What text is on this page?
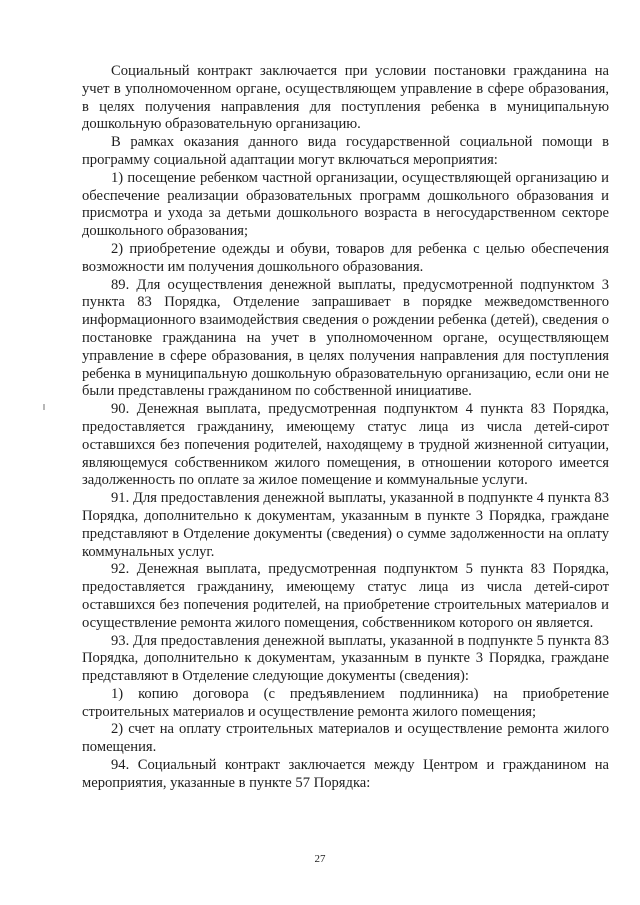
Социальный контракт заключается при условии постановки гражданина на учет в уполномоченном органе, осуществляющем управление в сфере образования, в целях получения направления для поступления ребенка в муниципальную дошкольную образовательную организацию.

В рамках оказания данного вида государственной социальной помощи в программу социальной адаптации могут включаться мероприятия:

1) посещение ребенком частной организации, осуществляющей организацию и обеспечение реализации образовательных программ дошкольного образования и присмотра и ухода за детьми дошкольного возраста в негосударственном секторе дошкольного образования;

2) приобретение одежды и обуви, товаров для ребенка с целью обеспечения возможности им получения дошкольного образования.

89. Для осуществления денежной выплаты, предусмотренной подпунктом 3 пункта 83 Порядка, Отделение запрашивает в порядке межведомственного информационного взаимодействия сведения о рождении ребенка (детей), сведения о постановке гражданина на учет в уполномоченном органе, осуществляющем управление в сфере образования, в целях получения направления для поступления ребенка в муниципальную дошкольную образовательную организацию, если они не были представлены гражданином по собственной инициативе.

90. Денежная выплата, предусмотренная подпунктом 4 пункта 83 Порядка, предоставляется гражданину, имеющему статус лица из числа детей-сирот оставшихся без попечения родителей, находящему в трудной жизненной ситуации, являющемуся собственником жилого помещения, в отношении которого имеется задолженность по оплате за жилое помещение и коммунальные услуги.

91. Для предоставления денежной выплаты, указанной в подпункте 4 пункта 83 Порядка, дополнительно к документам, указанным в пункте 3 Порядка, граждане представляют в Отделение документы (сведения) о сумме задолженности на оплату коммунальных услуг.

92. Денежная выплата, предусмотренная подпунктом 5 пункта 83 Порядка, предоставляется гражданину, имеющему статус лица из числа детей-сирот оставшихся без попечения родителей, на приобретение строительных материалов и осуществление ремонта жилого помещения, собственником которого он является.

93. Для предоставления денежной выплаты, указанной в подпункте 5 пункта 83 Порядка, дополнительно к документам, указанным в пункте 3 Порядка, граждане представляют в Отделение следующие документы (сведения):

1) копию договора (с предъявлением подлинника) на приобретение строительных материалов и осуществление ремонта жилого помещения;

2) счет на оплату строительных материалов и осуществление ремонта жилого помещения.

94. Социальный контракт заключается между Центром и гражданином на мероприятия, указанные в пункте 57 Порядка:

27
